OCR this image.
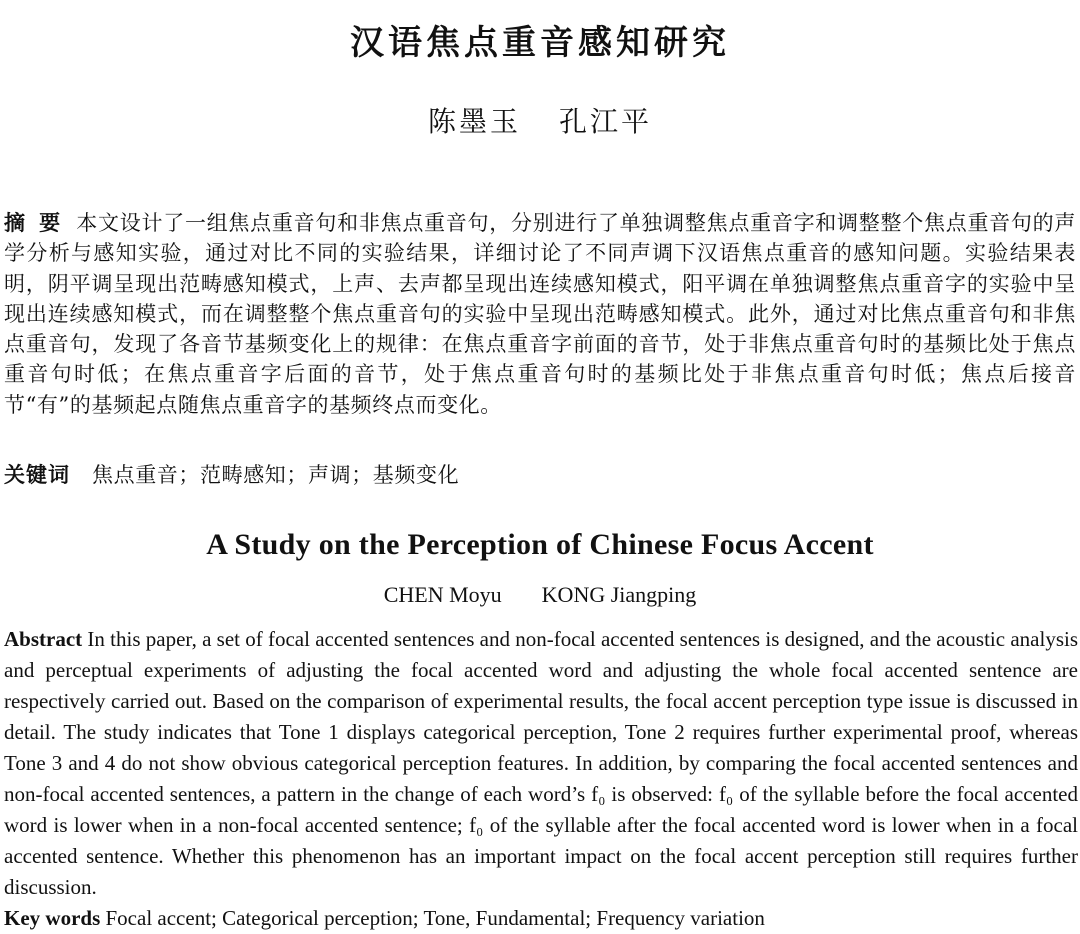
汉语焦点重音感知研究
陈墨玉 孔江平
摘要本文设计了一组焦点重音句和非焦点重音句，分别进行了单独调整焦点重音字和调整整个焦点重音句的声学分析与感知实验，通过对比不同的实验结果，详细讨论了不同声调下汉语焦点重音的感知问题。实验结果表明，阴平调呈现出范畴感知模式，上声、去声都呈现出连续感知模式，阳平调在单独调整焦点重音字的实验中呈现出连续感知模式，而在调整整个焦点重音句的实验中呈现出范畴感知模式。此外，通过对比焦点重音句和非焦点重音句，发现了各音节基频变化上的规律：在焦点重音字前面的音节，处于非焦点重音句时的基频比处于焦点重音句时低；在焦点重音字后面的音节，处于焦点重音句时的基频比处于非焦点重音句时低；焦点后接音节“有”的基频起点随焦点重音字的基频终点而变化。
关键词 焦点重音；范畴感知；声调；基频变化
A Study on the Perception of Chinese Focus Accent
CHEN Moyu KONG Jiangping
Abstract In this paper, a set of focal accented sentences and non-focal accented sentences is designed, and the acoustic analysis and perceptual experiments of adjusting the focal accented word and adjusting the whole focal accented sentence are respectively carried out. Based on the comparison of experimental results, the focal accent perception type issue is discussed in detail. The study indicates that Tone 1 displays categorical perception, Tone 2 requires further experimental proof, whereas Tone 3 and 4 do not show obvious categorical perception features. In addition, by comparing the focal accented sentences and non-focal accented sentences, a pattern in the change of each word’s f₀ is observed: f₀ of the syllable before the focal accented word is lower when in a non-focal accented sentence; f₀ of the syllable after the focal accented word is lower when in a focal accented sentence. Whether this phenomenon has an important impact on the focal accent perception still requires further discussion.
Key words Focal accent; Categorical perception; Tone, Fundamental; Frequency variation
